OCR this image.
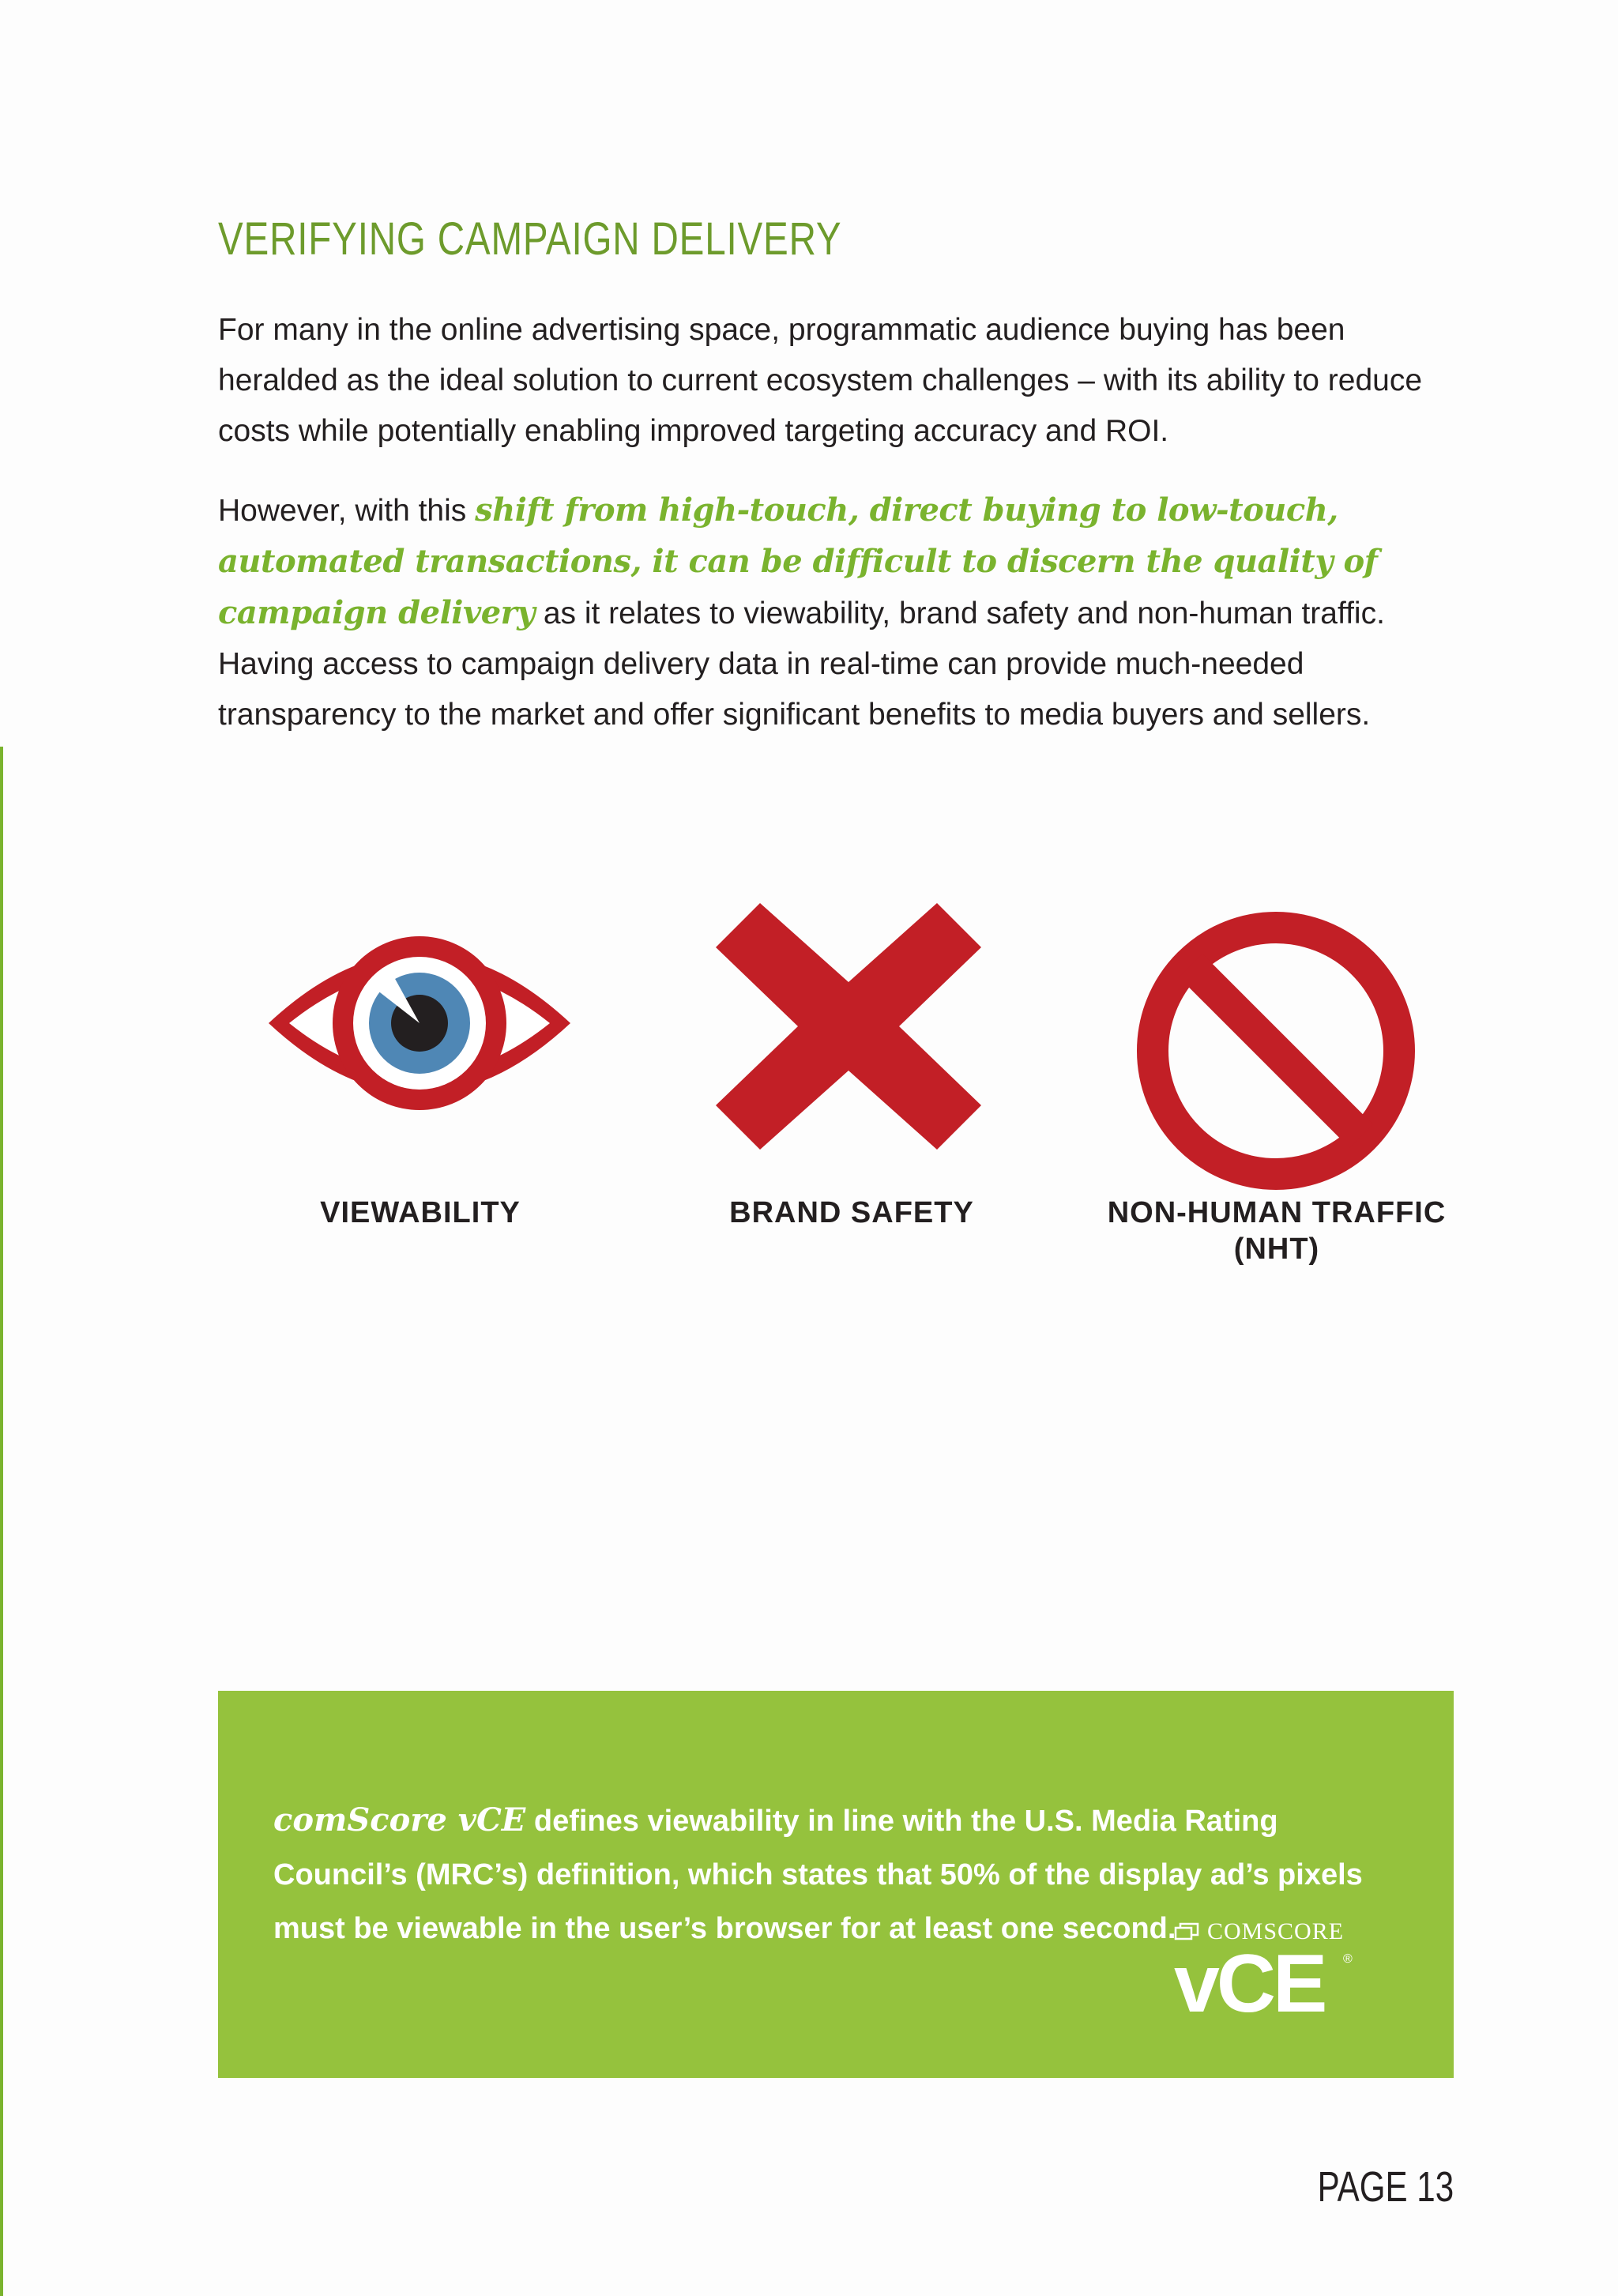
VERIFYING CAMPAIGN DELIVERY

For many in the online advertising space, programmatic audience buying has been heralded as the ideal solution to current ecosystem challenges – with its ability to reduce costs while potentially enabling improved targeting accuracy and ROI.

However, with this shift from high-touch, direct buying to low-touch, automated transactions, it can be difficult to discern the quality of campaign delivery as it relates to viewability, brand safety and non-human traffic. Having access to campaign delivery data in real-time can provide much-needed transparency to the market and offer significant benefits to media buyers and sellers.

VIEWABILITY	BRAND SAFETY	NON-HUMAN TRAFFIC
(NHT)

comScore vCE defines viewability in line with the U.S. Media Rating Council’s (MRC’s) definition, which states that 50% of the display ad’s pixels must be viewable in the user’s browser for at least one second.	COMSCORE
vCE ®

PAGE 13
